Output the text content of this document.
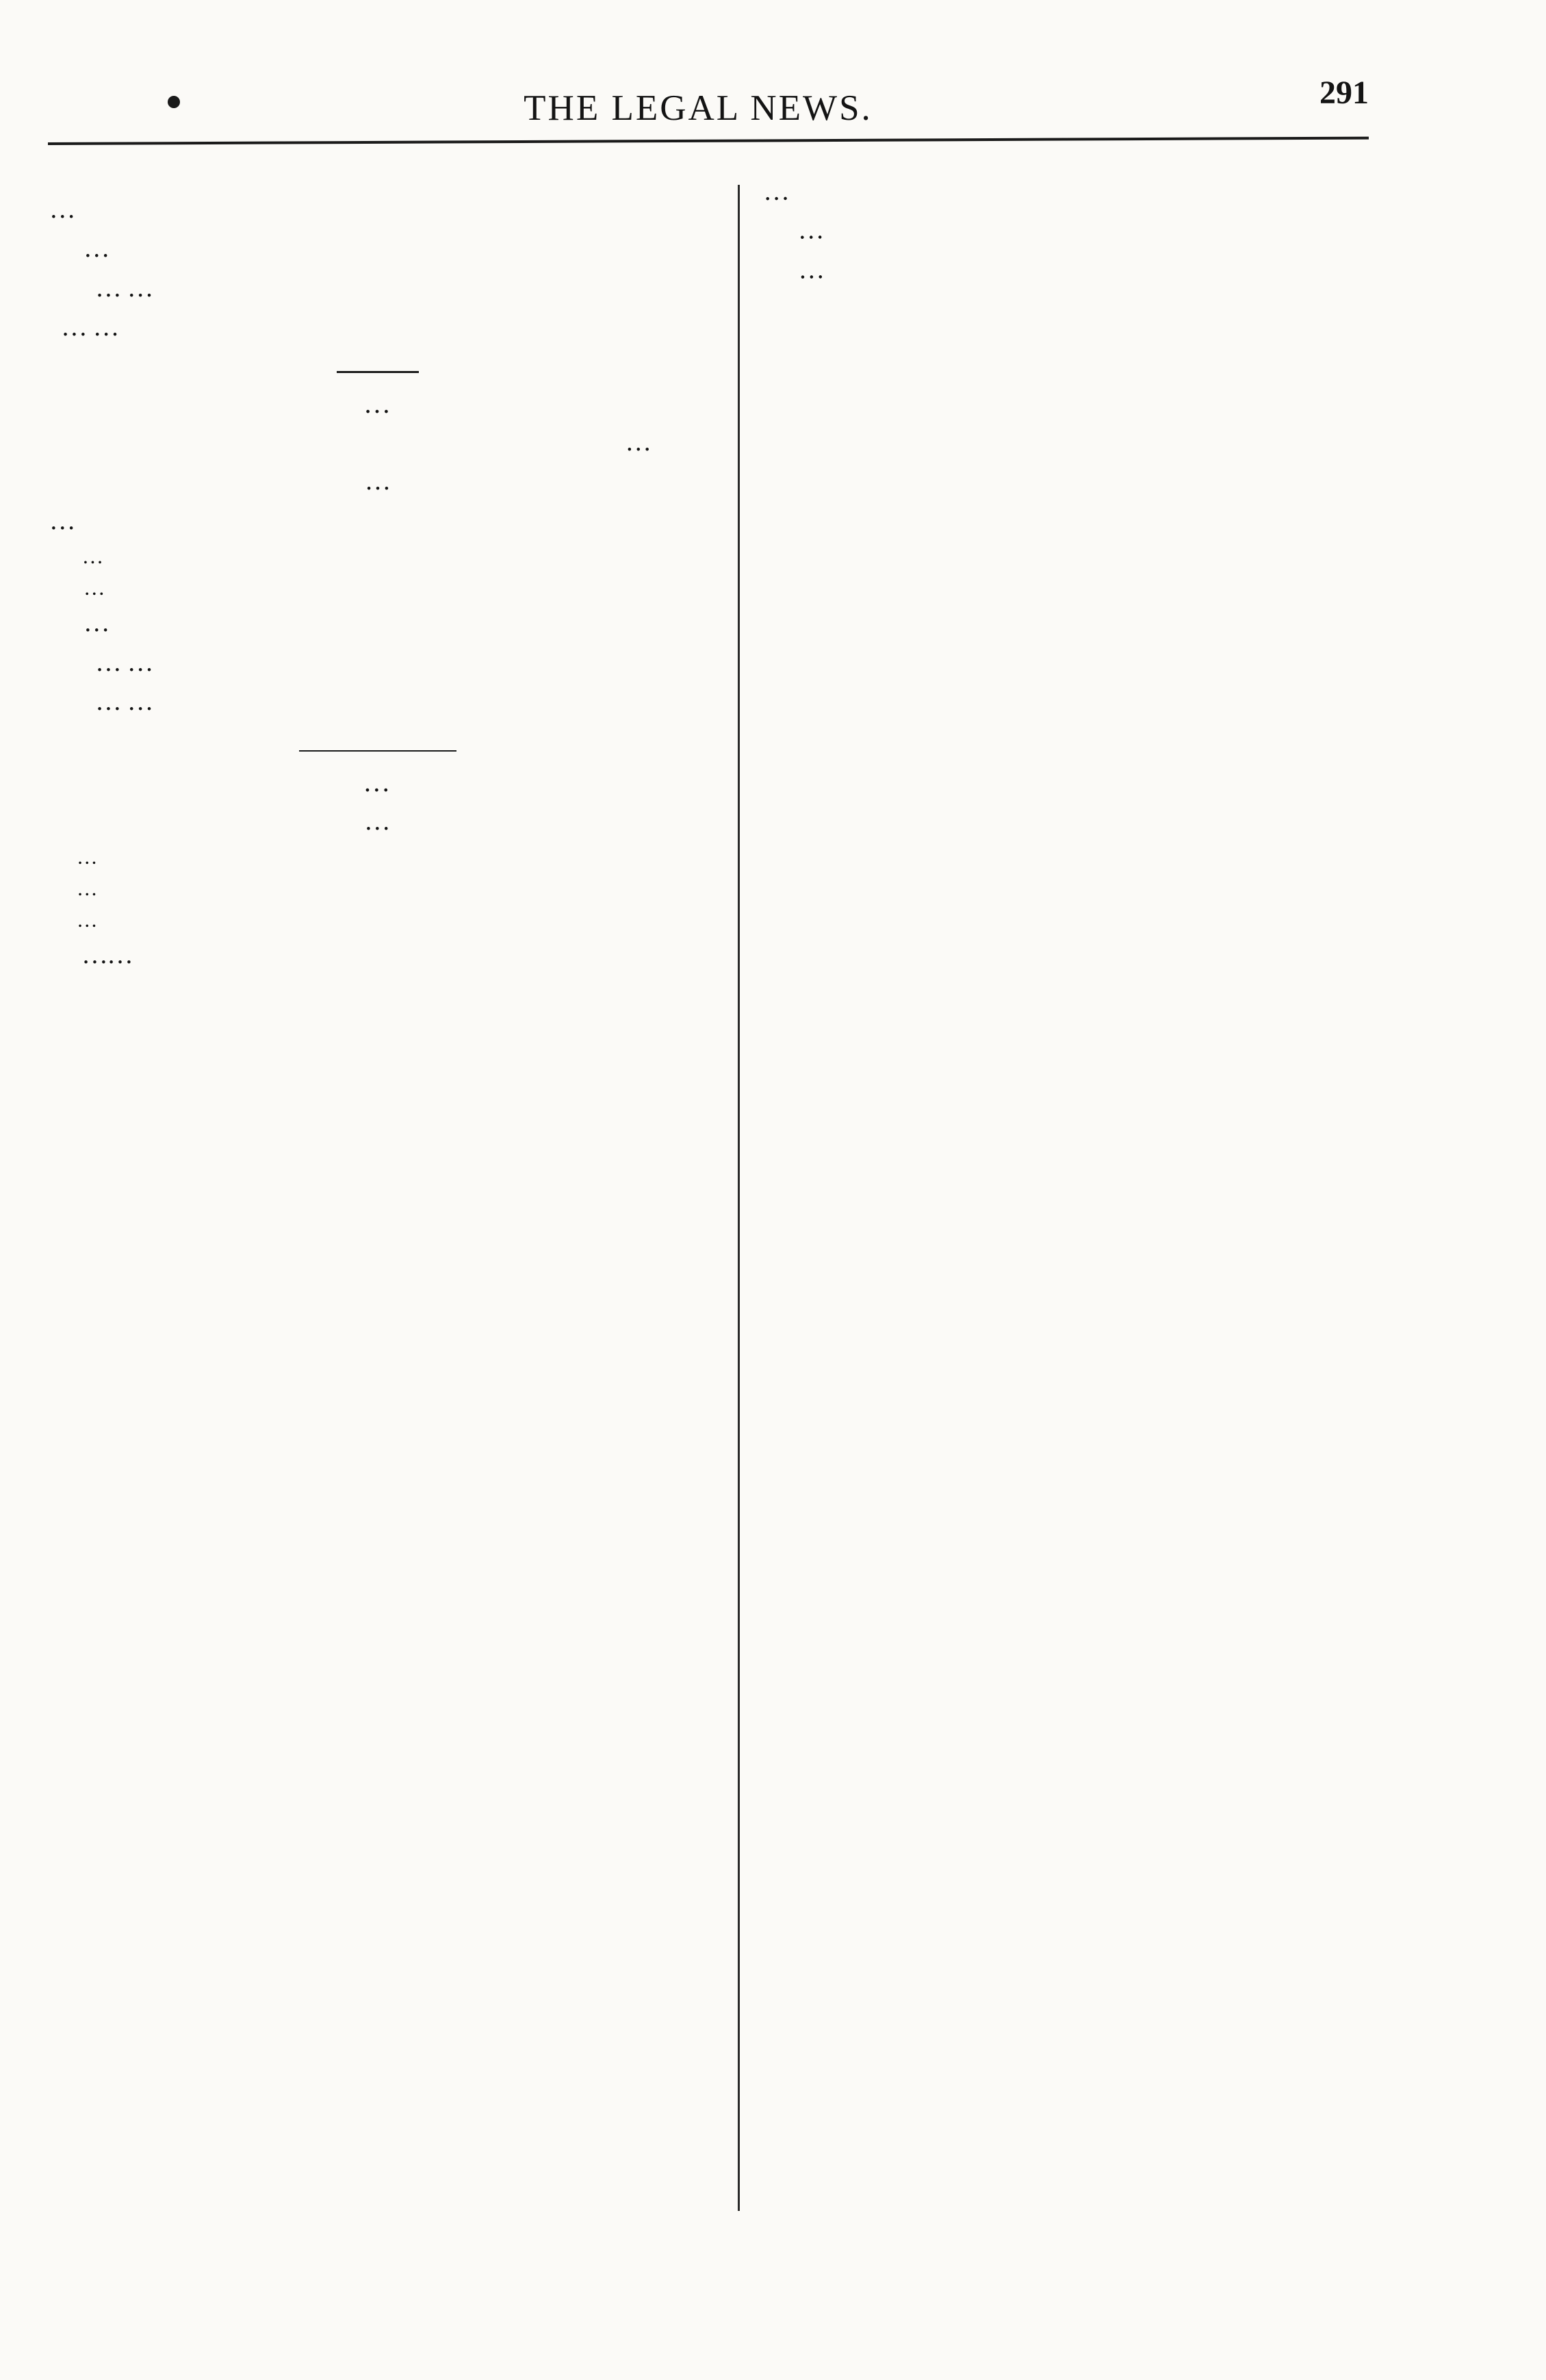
THE LEGAL NEWS.	291

…

…

… …

… …

…

…

…

…

…

…

…

… …

… …

…

…

…

…

…

……

…

…

…
